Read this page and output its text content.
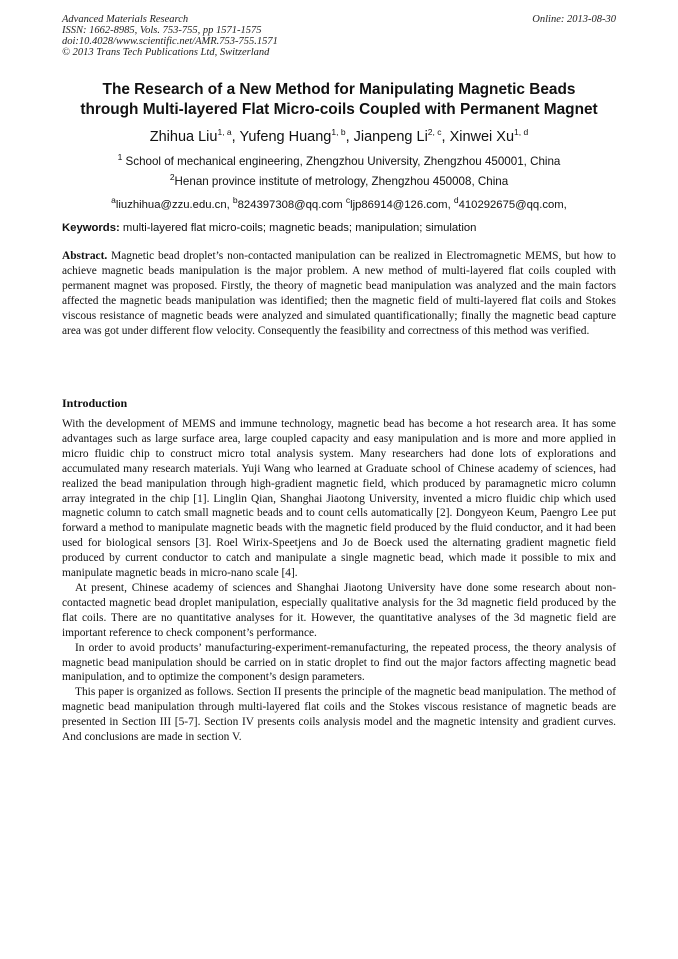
Advanced Materials Research
ISSN: 1662-8985, Vols. 753-755, pp 1571-1575
doi:10.4028/www.scientific.net/AMR.753-755.1571
© 2013 Trans Tech Publications Ltd, Switzerland
Online: 2013-08-30
The Research of a New Method for Manipulating Magnetic Beads
through Multi-layered Flat Micro-coils Coupled with Permanent Magnet
Zhihua Liu$^{1, a}$, Yufeng Huang$^{1, b}$, Jianpeng Li$^{2, c}$, Xinwei Xu$^{1, d}$
$^1$ School of mechanical engineering, Zhengzhou University, Zhengzhou 450001, China
$^2$Henan province institute of metrology, Zhengzhou 450008, China
$^a$liuzhihua@zzu.edu.cn, $^b$824397308@qq.com $^c$ljp86914@126.com, $^d$410292675@qq.com,
Keywords: multi-layered flat micro-coils; magnetic beads; manipulation; simulation
Abstract. Magnetic bead droplet’s non-contacted manipulation can be realized in Electromagnetic MEMS, but how to achieve magnetic beads manipulation is the major problem. A new method of multi-layered flat coils coupled with permanent magnet was proposed. Firstly, the theory of magnetic bead manipulation was analyzed and the main factors affected the magnetic beads manipulation was identified; then the magnetic field of multi-layered flat coils and Stokes viscous resistance of magnetic beads were analyzed and simulated quantificationally; finally the magnetic bead capture area was got under different flow velocity. Consequently the feasibility and correctness of this method was verified.
Introduction

With the development of MEMS and immune technology, magnetic bead has become a hot research area. It has some advantages such as large surface area, large coupled capacity and easy manipulation and is more and more applied in micro fluidic chip to construct micro total analysis system. Many researchers had done lots of explorations and accumulated many research materials. Yuji Wang who learned at Graduate school of Chinese academy of sciences, had realized the bead manipulation through high-gradient magnetic field, which produced by paramagnetic micro column array integrated in the chip [1]. Linglin Qian, Shanghai Jiaotong University, invented a micro fluidic chip which used magnetic column to catch small magnetic beads and to count cells automatically [2]. Dongyeon Keum, Paengro Lee put forward a method to manipulate magnetic beads with the magnetic field produced by the fluid conductor, and it had been used for biological sensors [3]. Roel Wirix-Speetjens and Jo de Boeck used the alternating gradient magnetic field produced by current conductor to catch and manipulate a single magnetic bead, which made it possible to mix and manipulate magnetic beads in micro-nano scale [4].

At present, Chinese academy of sciences and Shanghai Jiaotong University have done some research about non-contacted magnetic bead droplet manipulation, especially qualitative analysis for the 3d magnetic field produced by the flat coils. There are no quantitative analyses for it. However, the quantitative analyses of the 3d magnetic field are important reference to check component’s performance.

In order to avoid products’ manufacturing-experiment-remanufacturing, the repeated process, the theory analysis of magnetic bead manipulation should be carried on in static droplet to find out the major factors affecting magnetic bead manipulation, and to optimize the component’s design parameters.

This paper is organized as follows. Section II presents the principle of the magnetic bead manipulation. The method of magnetic bead manipulation through multi-layered flat coils and the Stokes viscous resistance of magnetic beads are presented in Section III [5-7]. Section IV presents coils analysis model and the magnetic intensity and gradient curves. And conclusions are made in section V.
